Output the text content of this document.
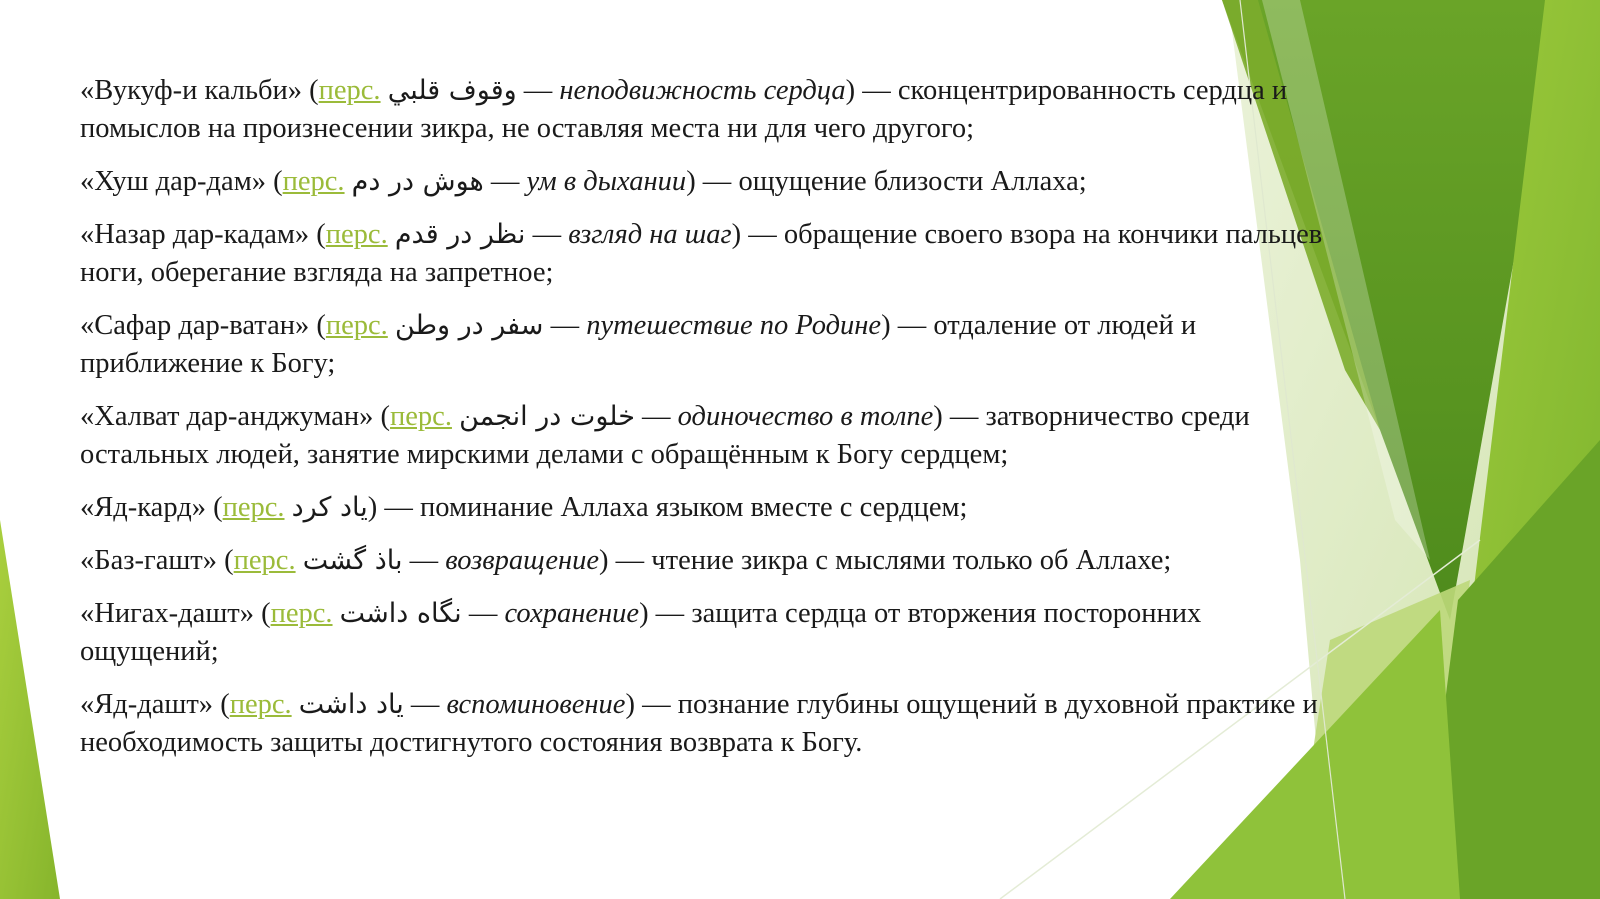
«Вукуф-и кальби» (перс. وقوف قلبي — неподвижность сердца) — сконцентрированность сердца и помыслов на произнесении зикра, не оставляя места ни для чего другого;

«Хуш дар-дам» (перс. هوش در دم — ум в дыхании) — ощущение близости Аллаха;

«Назар дар-кадам» (перс. نظر در قدم — взгляд на шаг) — обращение своего взора на кончики пальцев ноги, оберегание взгляда на запретное;

«Сафар дар-ватан» (перс. سفر در وطن — путешествие по Родине) — отдаление от людей и приближение к Богу;

«Халват дар-анджуман» (перс. خلوت در انجمن — одиночество в толпе) — затворничество среди остальных людей, занятие мирскими делами с обращённым к Богу сердцем;

«Яд-кард» (перс. ياد كرد) — поминание Аллаха языком вместе с сердцем;

«Баз-гашт» (перс. باذ گشت — возвращение) — чтение зикра с мыслями только об Аллахе;

«Нигах-дашт» (перс. نگاه داشت — сохранение) — защита сердца от вторжения посторонних ощущений;

«Яд-дашт» (перс. ياد داشت — вспоминовение) — познание глубины ощущений в духовной практике и необходимость защиты достигнутого состояния возврата к Богу.
